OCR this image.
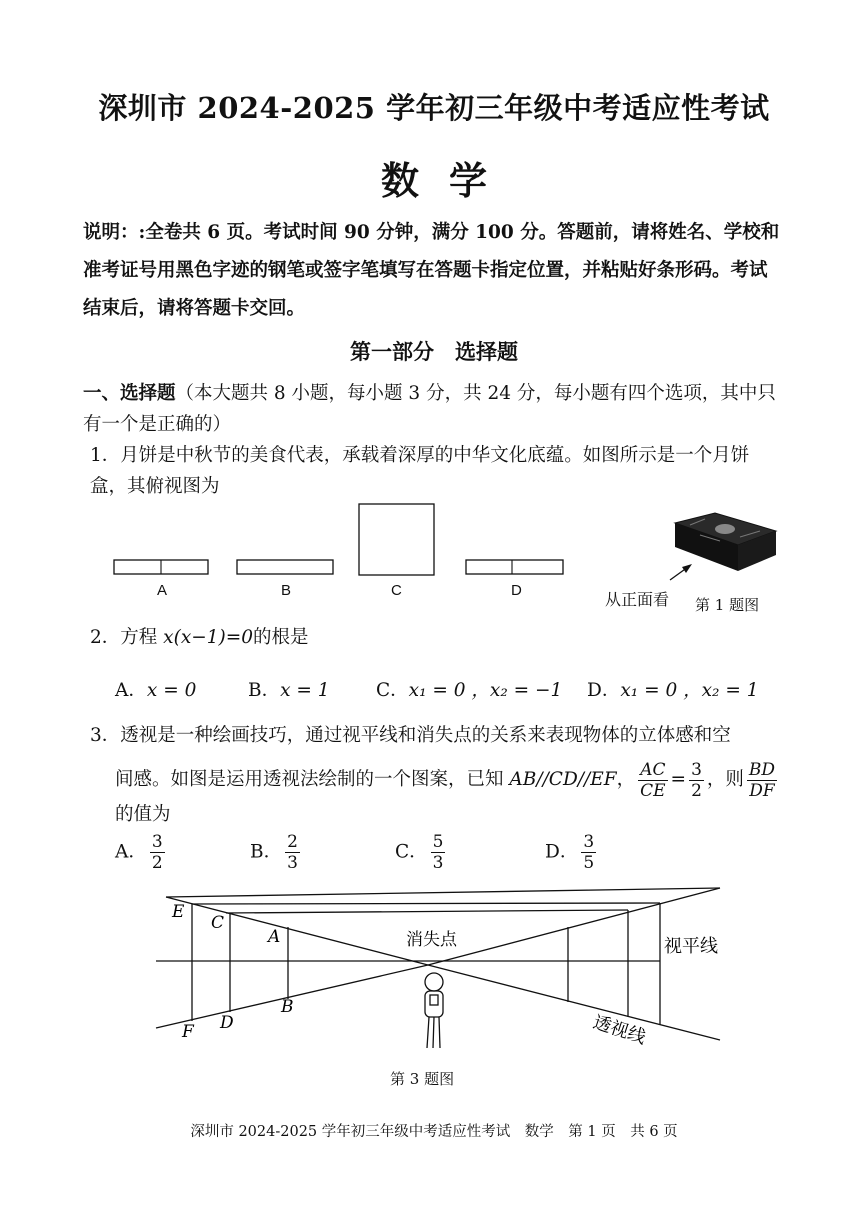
深圳市 2024-2025 学年初三年级中考适应性考试
数学
说明：:全卷共 6 页。考试时间 90 分钟，满分 100 分。答题前，请将姓名、学校和准考证号用黑色字迹的钢笔或签字笔填写在答题卡指定位置，并粘贴好条形码。考试结束后，请将答题卡交回。
第一部分　选择题
一、选择题（本大题共 8 小题，每小题 3 分，共 24 分，每小题有四个选项，其中只有一个是正确的）
1．月饼是中秋节的美食代表，承载着深厚的中华文化底蕴。如图所示是一个月饼盒，其俯视图为
A	B	C	D	从正面看 第 1 题图
2．方程 x(x−1)=0的根是
A．x = 0	B．x = 1	C．x₁ = 0 ，x₂ = −1 D．x₁ = 0 ，x₂ = 1
3．透视是一种绘画技巧，通过视平线和消失点的关系来表现物体的立体感和空
间感。如图是运用透视法绘制的一个图案，已知 AB//CD//EF， $\frac{AC}{CE} = \frac{3}{2}$ ，则 $\frac{BD}{DF}$
的值为
A． $\frac{3}{2}$	B． $\frac{2}{3}$	C． $\frac{5}{3}$	D． $\frac{3}{5}$
E
C
A
B
D
F
消失点	视平线
透视线
第 3 题图
深圳市 2024-2025 学年初三年级中考适应性考试　数学　第 1 页　共 6 页
